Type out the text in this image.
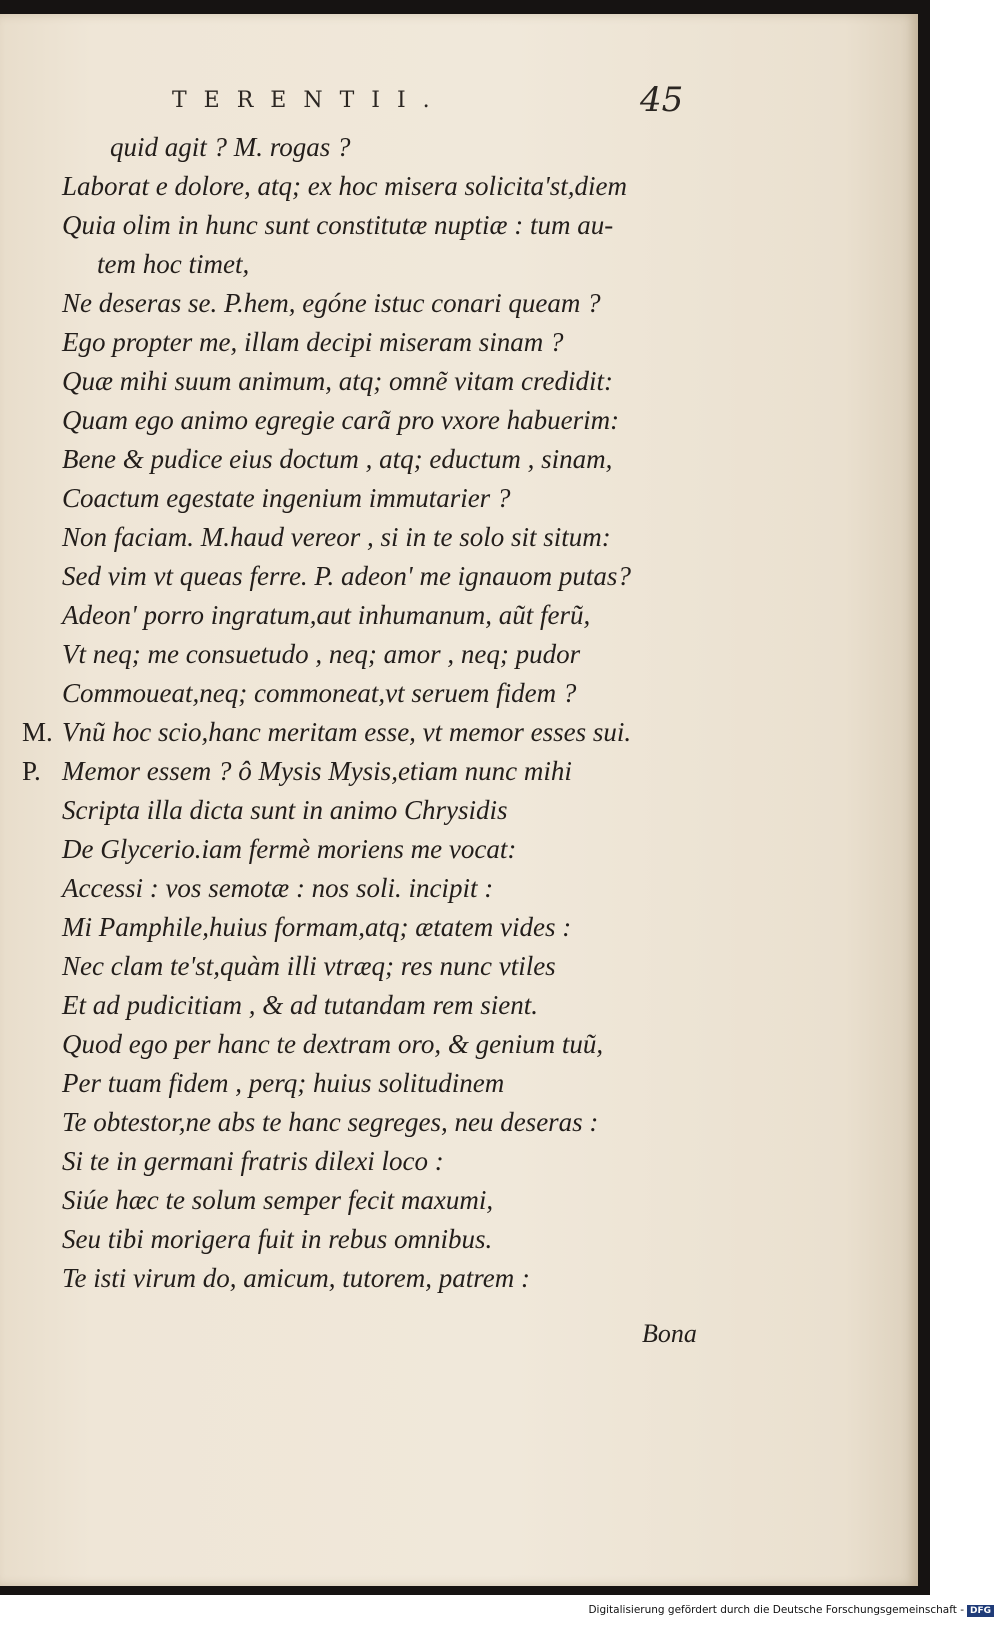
TERENTII.	45
quid agit ? M. rogas ?
Laborat e dolore, atq; ex hoc misera solicita'st,diem
Quia olim in hunc sunt constitutæ nuptiæ : tum au-
tem hoc timet,
Ne deseras se. P.hem, egóne istuc conari queam ?
Ego propter me, illam decipi miseram sinam ?
Quæ mihi suum animum, atq; omnẽ vitam credidit:
Quam ego animo egregie carã pro vxore habuerim:
Bene & pudice eius doctum , atq; eductum , sinam,
Coactum egestate ingenium immutarier ?
Non faciam. M.haud vereor , si in te solo sit situm:
Sed vim vt queas ferre. P. adeon' me ignauom putas?
Adeon' porro ingratum,aut inhumanum, aũt ferũ,
Vt neq; me consuetudo , neq; amor , neq; pudor
Commoueat,neq; commoneat,vt seruem fidem ?
M. Vnũ hoc scio,hanc meritam esse, vt memor esses sui.
P. Memor essem ? ô Mysis Mysis,etiam nunc mihi
Scripta illa dicta sunt in animo Chrysidis
De Glycerio.iam fermè moriens me vocat:
Accessi : vos semotæ : nos soli. incipit :
Mi Pamphile,huius formam,atq; ætatem vides :
Nec clam te'st,quàm illi vtræq; res nunc vtiles
Et ad pudicitiam , & ad tutandam rem sient.
Quod ego per hanc te dextram oro, & genium tuũ,
Per tuam fidem , perq; huius solitudinem
Te obtestor,ne abs te hanc segreges, neu deseras :
Si te in germani fratris dilexi loco :
Siúe hæc te solum semper fecit maxumi,
Seu tibi morigera fuit in rebus omnibus.
Te isti virum do, amicum, tutorem, patrem :
Bona
Digitalisierung gefördert durch die Deutsche Forschungsgemeinschaft - DFG
